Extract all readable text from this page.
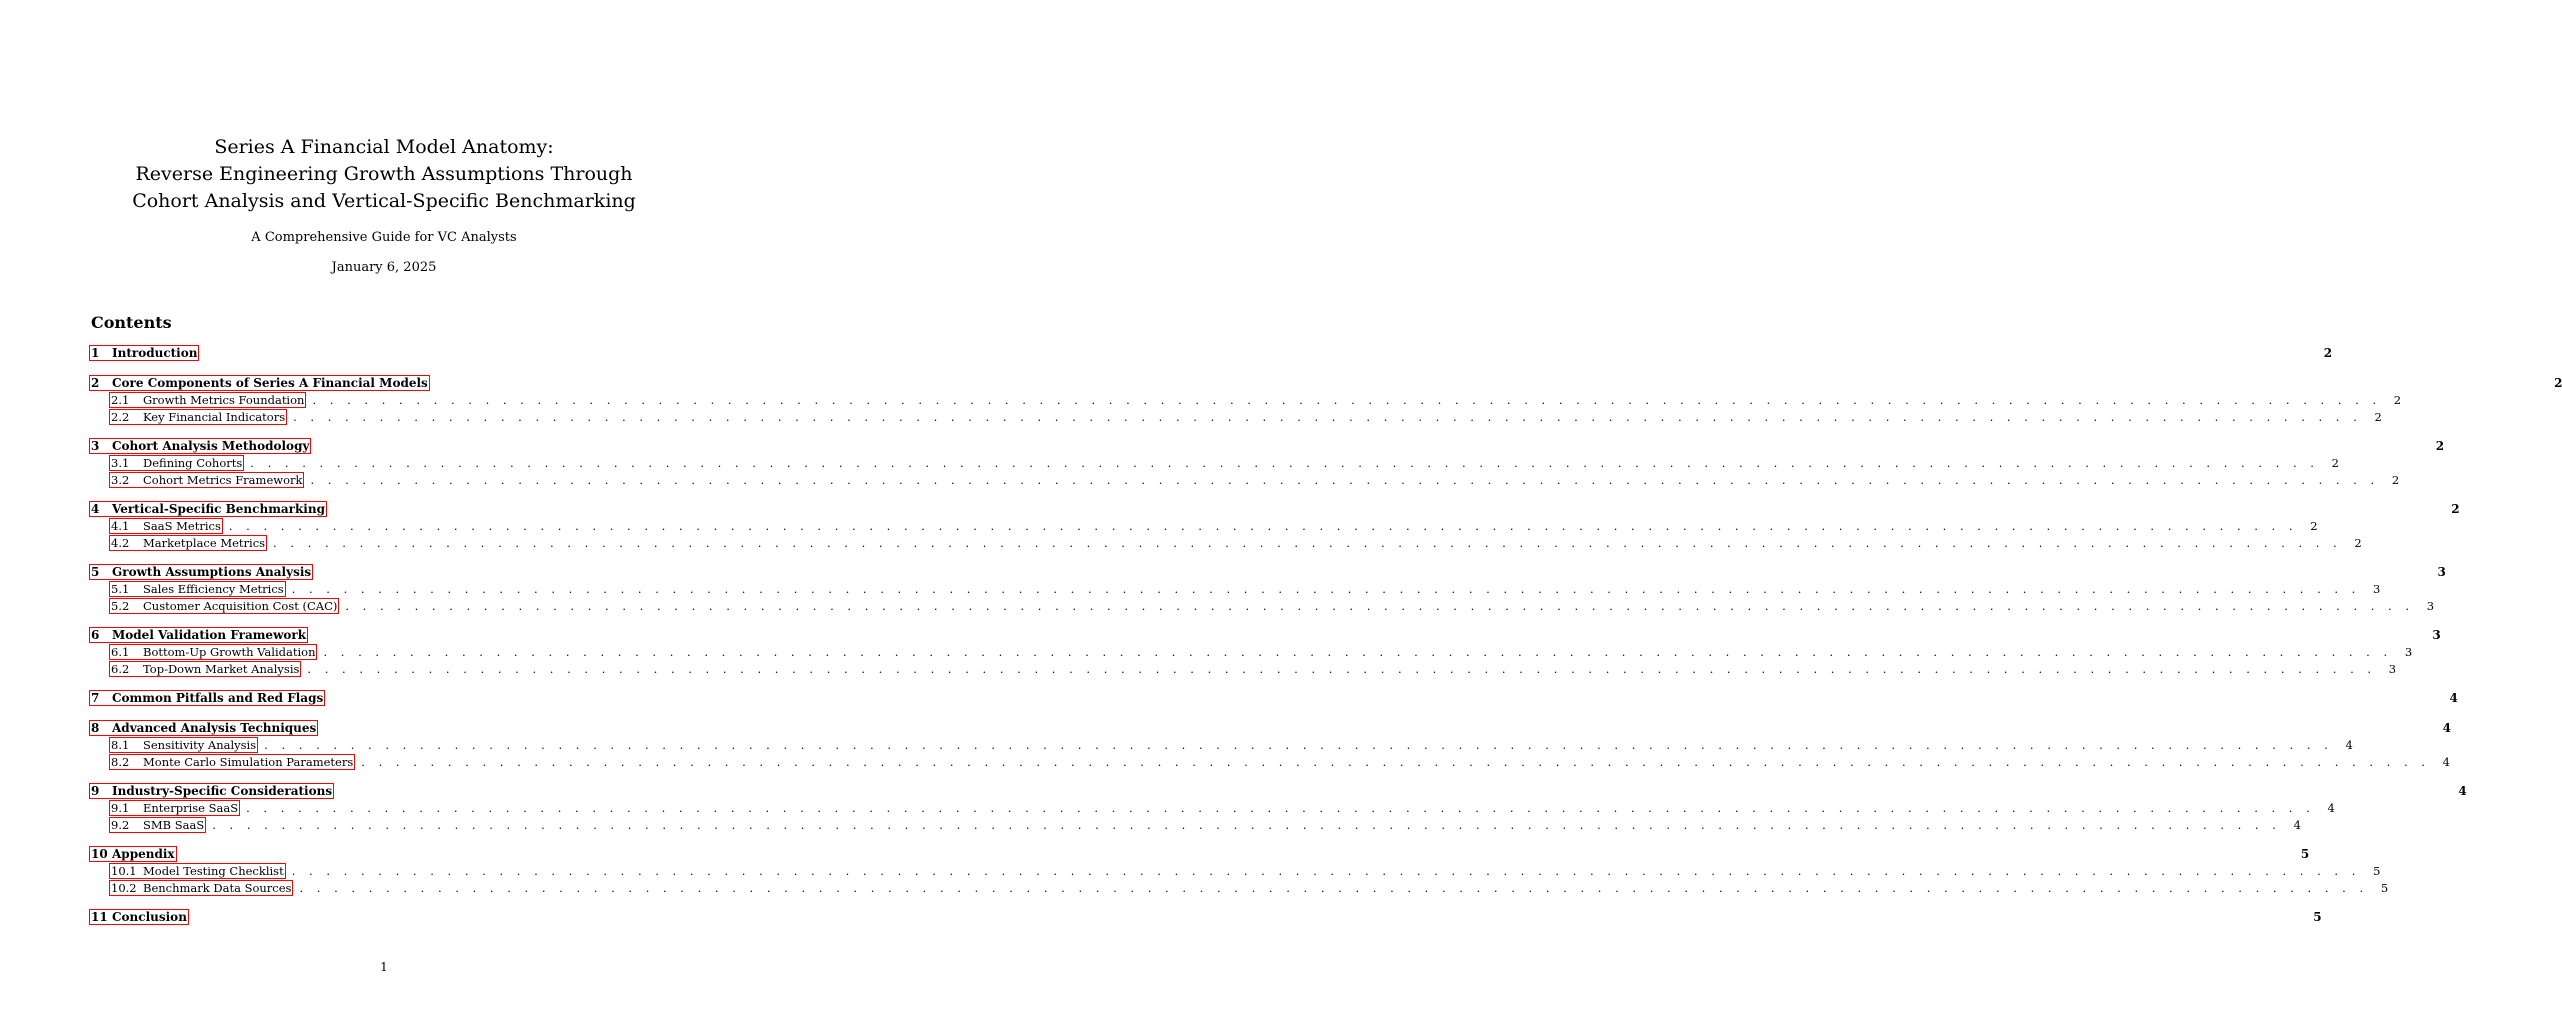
Series A Financial Model Anatomy:
Reverse Engineering Growth Assumptions Through
Cohort Analysis and Vertical-Specific Benchmarking
A Comprehensive Guide for VC Analysts
January 6, 2025
Contents
1	Introduction	2
2	Core Components of Series A Financial Models	2
2.1	Growth Metrics Foundation . . . . . . . . . . . . . . . . . . . . . . . . . . . . . . . . . . . . . . . . . . . . . . . . . . . . . . . . . . . . . . . . . . . . . . . . . . . . . . . . . . . . . . . . . . . . . . . . . . . . . . . . . . . . . . . . . . . . . . . .	2
2.2	Key Financial Indicators . . . . . . . . . . . . . . . . . . . . . . . . . . . . . . . . . . . . . . . . . . . . . . . . . . . . . . . . . . . . . . . . . . . . . . . . . . . . . . . . . . . . . . . . . . . . . . . . . . . . . . . . . . . . . . . . . . . . . . . .	2
3	Cohort Analysis Methodology	2
3.1	Defining Cohorts . . . . . . . . . . . . . . . . . . . . . . . . . . . . . . . . . . . . . . . . . . . . . . . . . . . . . . . . . . . . . . . . . . . . . . . . . . . . . . . . . . . . . . . . . . . . . . . . . . . . . . . . . . . . . . . . . . . . . . . .	2
3.2	Cohort Metrics Framework . . . . . . . . . . . . . . . . . . . . . . . . . . . . . . . . . . . . . . . . . . . . . . . . . . . . . . . . . . . . . . . . . . . . . . . . . . . . . . . . . . . . . . . . . . . . . . . . . . . . . . . . . . . . . . . . . . . . . . . .	2
4	Vertical-Specific Benchmarking	2
4.1	SaaS Metrics . . . . . . . . . . . . . . . . . . . . . . . . . . . . . . . . . . . . . . . . . . . . . . . . . . . . . . . . . . . . . . . . . . . . . . . . . . . . . . . . . . . . . . . . . . . . . . . . . . . . . . . . . . . . . . . . . . . . . . . .	2
4.2	Marketplace Metrics . . . . . . . . . . . . . . . . . . . . . . . . . . . . . . . . . . . . . . . . . . . . . . . . . . . . . . . . . . . . . . . . . . . . . . . . . . . . . . . . . . . . . . . . . . . . . . . . . . . . . . . . . . . . . . . . . . . . . . . .	2
5	Growth Assumptions Analysis	3
5.1	Sales Efficiency Metrics . . . . . . . . . . . . . . . . . . . . . . . . . . . . . . . . . . . . . . . . . . . . . . . . . . . . . . . . . . . . . . . . . . . . . . . . . . . . . . . . . . . . . . . . . . . . . . . . . . . . . . . . . . . . . . . . . . . . . . . .	3
5.2	Customer Acquisition Cost (CAC) . . . . . . . . . . . . . . . . . . . . . . . . . . . . . . . . . . . . . . . . . . . . . . . . . . . . . . . . . . . . . . . . . . . . . . . . . . . . . . . . . . . . . . . . . . . . . . . . . . . . . . . . . . . . . . . . . . . . . . . .	3
6	Model Validation Framework	3
6.1	Bottom-Up Growth Validation . . . . . . . . . . . . . . . . . . . . . . . . . . . . . . . . . . . . . . . . . . . . . . . . . . . . . . . . . . . . . . . . . . . . . . . . . . . . . . . . . . . . . . . . . . . . . . . . . . . . . . . . . . . . . . . . . . . . . . . .	3
6.2	Top-Down Market Analysis . . . . . . . . . . . . . . . . . . . . . . . . . . . . . . . . . . . . . . . . . . . . . . . . . . . . . . . . . . . . . . . . . . . . . . . . . . . . . . . . . . . . . . . . . . . . . . . . . . . . . . . . . . . . . . . . . . . . . . . .	3
7	Common Pitfalls and Red Flags	4
8	Advanced Analysis Techniques	4
8.1	Sensitivity Analysis . . . . . . . . . . . . . . . . . . . . . . . . . . . . . . . . . . . . . . . . . . . . . . . . . . . . . . . . . . . . . . . . . . . . . . . . . . . . . . . . . . . . . . . . . . . . . . . . . . . . . . . . . . . . . . . . . . . . . . . .	4
8.2	Monte Carlo Simulation Parameters . . . . . . . . . . . . . . . . . . . . . . . . . . . . . . . . . . . . . . . . . . . . . . . . . . . . . . . . . . . . . . . . . . . . . . . . . . . . . . . . . . . . . . . . . . . . . . . . . . . . . . . . . . . . . . . . . . . . . . . .	4
9	Industry-Specific Considerations	4
9.1	Enterprise SaaS . . . . . . . . . . . . . . . . . . . . . . . . . . . . . . . . . . . . . . . . . . . . . . . . . . . . . . . . . . . . . . . . . . . . . . . . . . . . . . . . . . . . . . . . . . . . . . . . . . . . . . . . . . . . . . . . . . . . . . . .	4
9.2	SMB SaaS . . . . . . . . . . . . . . . . . . . . . . . . . . . . . . . . . . . . . . . . . . . . . . . . . . . . . . . . . . . . . . . . . . . . . . . . . . . . . . . . . . . . . . . . . . . . . . . . . . . . . . . . . . . . . . . . . . . . . . . .	4
10 Appendix	5
10.1 Model Testing Checklist . . . . . . . . . . . . . . . . . . . . . . . . . . . . . . . . . . . . . . . . . . . . . . . . . . . . . . . . . . . . . . . . . . . . . . . . . . . . . . . . . . . . . . . . . . . . . . . . . . . . . . . . . . . . . . . . . . . . . . . .	5
10.2 Benchmark Data Sources . . . . . . . . . . . . . . . . . . . . . . . . . . . . . . . . . . . . . . . . . . . . . . . . . . . . . . . . . . . . . . . . . . . . . . . . . . . . . . . . . . . . . . . . . . . . . . . . . . . . . . . . . . . . . . . . . . . . . . . .	5
11 Conclusion	5
1
